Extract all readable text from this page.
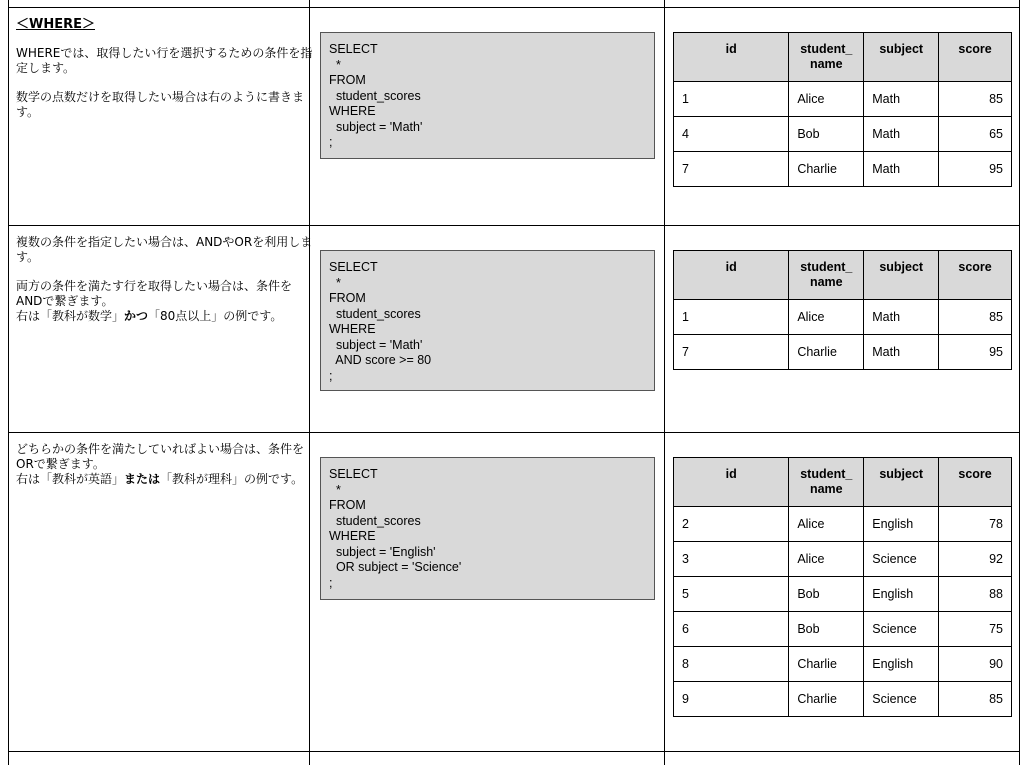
＜WHERE＞

WHEREでは、取得したい行を選択するための条件を指定します。

数学の点数だけを取得したい場合は右のように書きます。

SELECT
*
FROM
student_scores
WHERE
subject = 'Math'
;
id	student_ name	subject	score
1	Alice	Math	85
4	Bob	Math	65
7	Charlie	Math	95

複数の条件を指定したい場合は、ANDやORを利用します。

両方の条件を満たす行を取得したい場合は、条件をANDで繋ぎます。

右は「教科が数学」かつ「80点以上」の例です。

SELECT
*
FROM
student_scores
WHERE
subject = 'Math'
AND score >= 80
;
id	student_ name	subject	score
1	Alice	Math	85
7	Charlie	Math	95

どちらかの条件を満たしていればよい場合は、条件をORで繋ぎます。

右は「教科が英語」または「教科が理科」の例です。	SELECT
*
FROM
student_scores
WHERE
subject = 'English'
OR subject = 'Science'
;
id	student_ name	subject	score
2	Alice	English	78
3	Alice	Science	92
5	Bob	English	88
6	Bob	Science	75
8	Charlie	English	90
9	Charlie	Science	85
